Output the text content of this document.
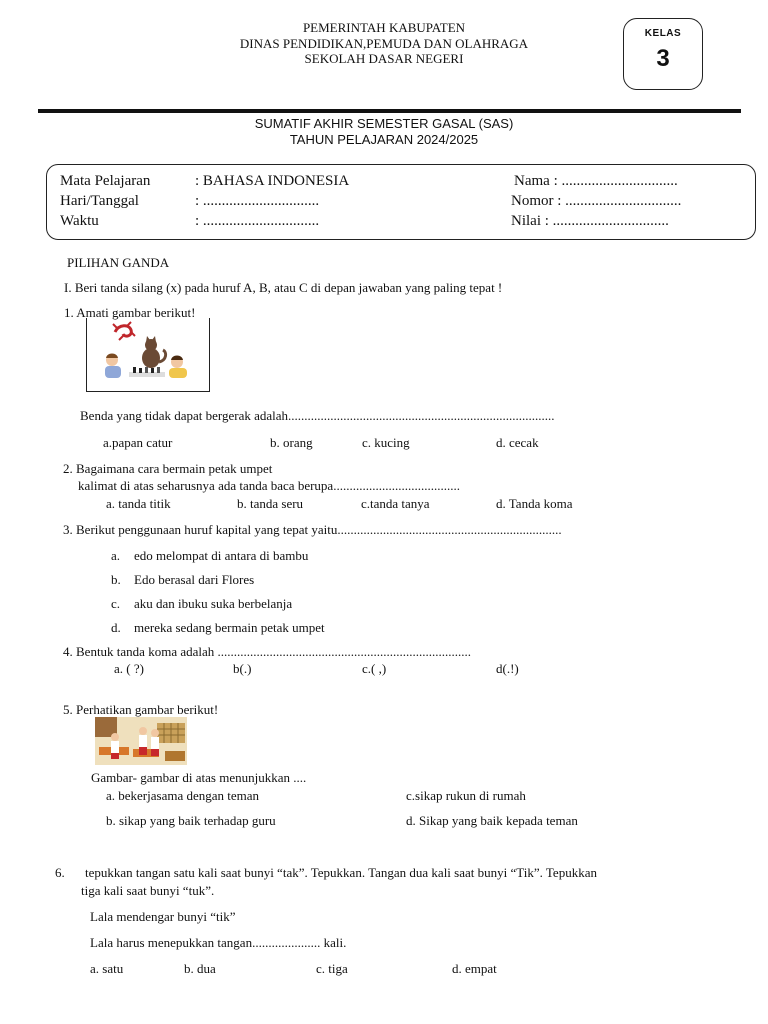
PEMERINTAH KABUPATEN
DINAS PENDIDIKAN,PEMUDA DAN OLAHRAGA
SEKOLAH DASAR NEGERI
KELAS
3
SUMATIF AKHIR SEMESTER GASAL (SAS)
TAHUN PELAJARAN 2024/2025
Mata Pelajaran	: BAHASA INDONESIA
Hari/Tanggal	: ...............................
Waktu	: ...............................
Nama : ...............................
Nomor : ...............................
Nilai : ...............................
PILIHAN GANDA
I. Beri tanda silang (x) pada huruf A, B, atau C di depan jawaban yang paling tepat !
1. Amati gambar berikut!
Benda yang tidak dapat bergerak adalah..................................................................................
a.papan catur	b. orang	c. kucing	d. cecak
2. Bagaimana cara bermain petak umpet
kalimat di atas seharusnya ada tanda baca berupa.......................................
a. tanda titik	b. tanda seru	c.tanda tanya	d. Tanda koma
3. Berikut penggunaan huruf kapital yang tepat yaitu.....................................................................
a. edo melompat di antara di bambu
b. Edo berasal dari Flores
c. aku dan ibuku suka berbelanja
d. mereka sedang bermain petak umpet
4. Bentuk tanda koma adalah ..............................................................................
a. ( ?)	b(.)	c.( ,)	d(.!)
5. Perhatikan gambar berikut!
Gambar- gambar di atas menunjukkan ....
a. bekerjasama dengan teman	c.sikap rukun di rumah
b. sikap yang baik terhadap guru	d. Sikap yang baik kepada teman
6. tepukkan tangan satu kali saat bunyi “tak”. Tepukkan. Tangan dua kali saat bunyi “Tik”. Tepukkan
tiga kali saat bunyi “tuk”.
Lala mendengar bunyi “tik”
Lala harus menepukkan tangan..................... kali.
a. satu	b. dua	c. tiga	d. empat
